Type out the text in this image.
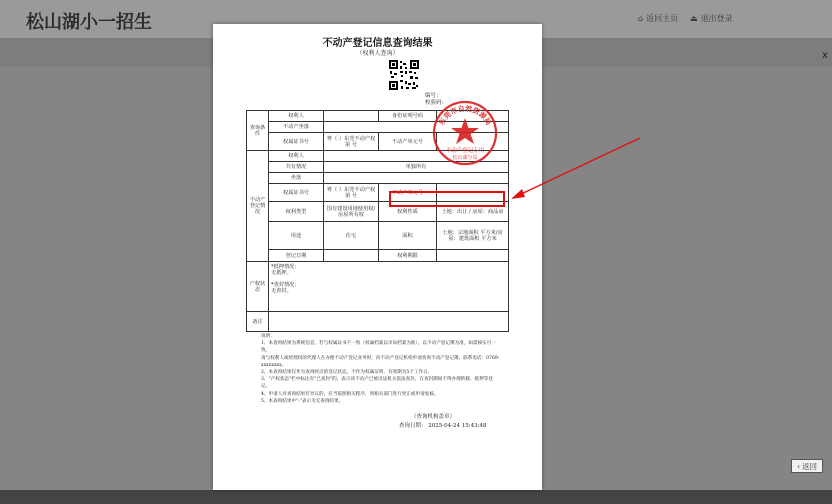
松山湖小一招生	⌂ 返回主页 ⏏ 退出登录
x
‹ 返回
不动产登记信息查询结果
（权利人查询）
编号：
校验码：
查询条件	权利人		身份证明号码	
	不动产坐落			
	权属证书号	粤（ ）东莞不动产权第 号	不动产单元号	

不动产登记情况	权利人			
	共有情况	单独所有		
	坐落			
	权属证书号	粤（ ）东莞不动产权第 号	不动产单元号	
	权利类型	国有建设用地使用权/房屋所有权	权利性质	土地：出让 / 房屋：商品房
	用途	住宅	面积	土地：宗地面积 平方米/房屋：建筑面积 平方米
	登记日期		权利期限	
产权状态	*抵押情况：
无抵押。
*查封情况：
无查封。			

备注				
说明：
1、本查询结果为系统信息，若与权属证书不一致（权属档案以市局档案为准），以不动产登记簿为准，如需核实可一致。
请与权利人或经授权的代理人在办理不动产登记业务时，向不动产登记机构申请查询不动产登记簿。联系电话：0769-xxxxxxxx。
2、本查询结果仅作为查询时点的登记状态，不作为权属证明，有效期为5个工作日。
3、"产权状态"栏中标注有"已查封"的，表示该不动产已被司法机关依法查封，在查封期间不得办理转移、抵押等登记。
4、申请人对查询结果有异议的，应当依照相关程序，到相关部门进行更正或申请复核。
5、本查询结果中"-"表示为无查询结果。
（查询机构盖章）
查询日期： 2025-04-24 15:43:48
东莞市自然资源局
不动产登记专用
松山湖分局
